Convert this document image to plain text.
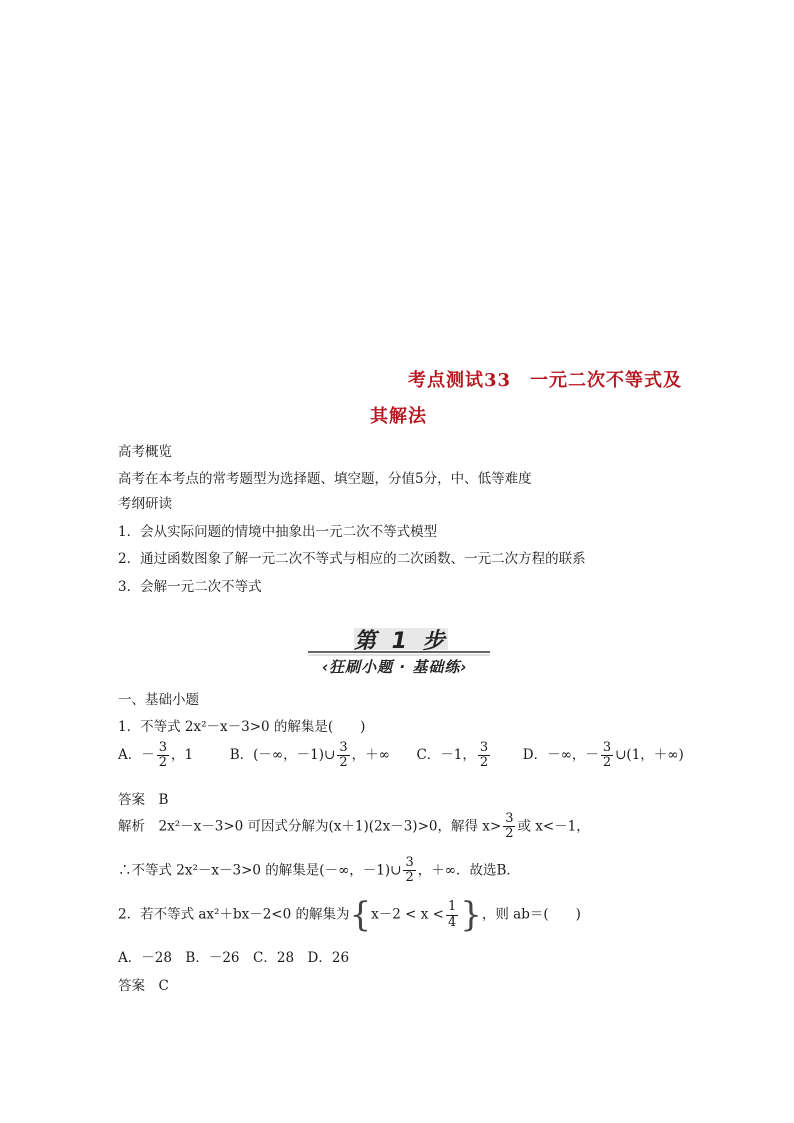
考点测试33　一元二次不等式及
其解法
高考概览
高考在本考点的常考题型为选择题、填空题，分值5分，中、低等难度
考纲研读
1．会从实际问题的情境中抽象出一元二次不等式模型
2．通过函数图象了解一元二次不等式与相应的二次函数、一元二次方程的联系
3．会解一元二次不等式
第 1 步
‹狂刷小题 · 基础练›
一、基础小题
1．不等式 2x²－x－3>0 的解集是(　　)
A．－ $\frac{3}{2}$ ，1	B．(－∞，－1)∪ $\frac{3}{2}$ ，＋∞ C．－1， $\frac{3}{2}$ D．－∞，－ $\frac{3}{2}$ ∪(1，＋∞)
答案　B
解析　2x²－x－3>0 可因式分解为(x＋1)(2x－3)>0，解得 $x> \frac{3}{2}$ 或 x<－1，
∴不等式 2x²－x－3>0 的解集是(－∞，－1)∪ $\frac{3}{2}$ ，＋∞．故选B．
2．若不等式 ax²＋bx－2<0 的解集为{$x-2 < x < \frac{1}{4}$ }，则 ab＝(　　)
A．－28　B．－26　C．28　D．26
答案　C
